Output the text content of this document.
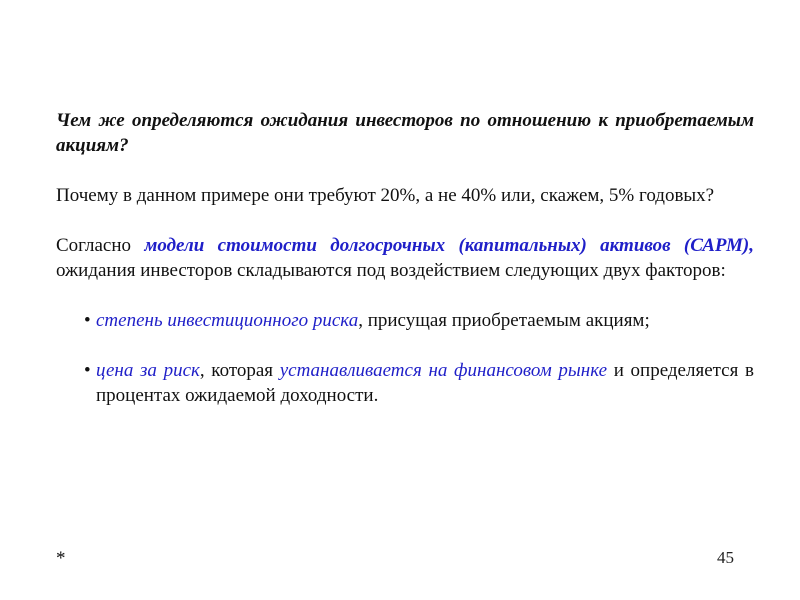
Чем же определяются ожидания инвесторов по отношению к приобретаемым акциям?

Почему в данном примере они требуют 20%, а не 40% или, скажем, 5% годовых?

Согласно модели стоимости долгосрочных (капитальных) активов (САРМ), ожидания инвесторов складываются под воздействием следующих двух факторов:

• степень инвестиционного риска, присущая приобретаемым акциям;
• цена за риск, которая устанавливается на финансовом рынке и определяется в процентах ожидаемой доходности.
*	45
